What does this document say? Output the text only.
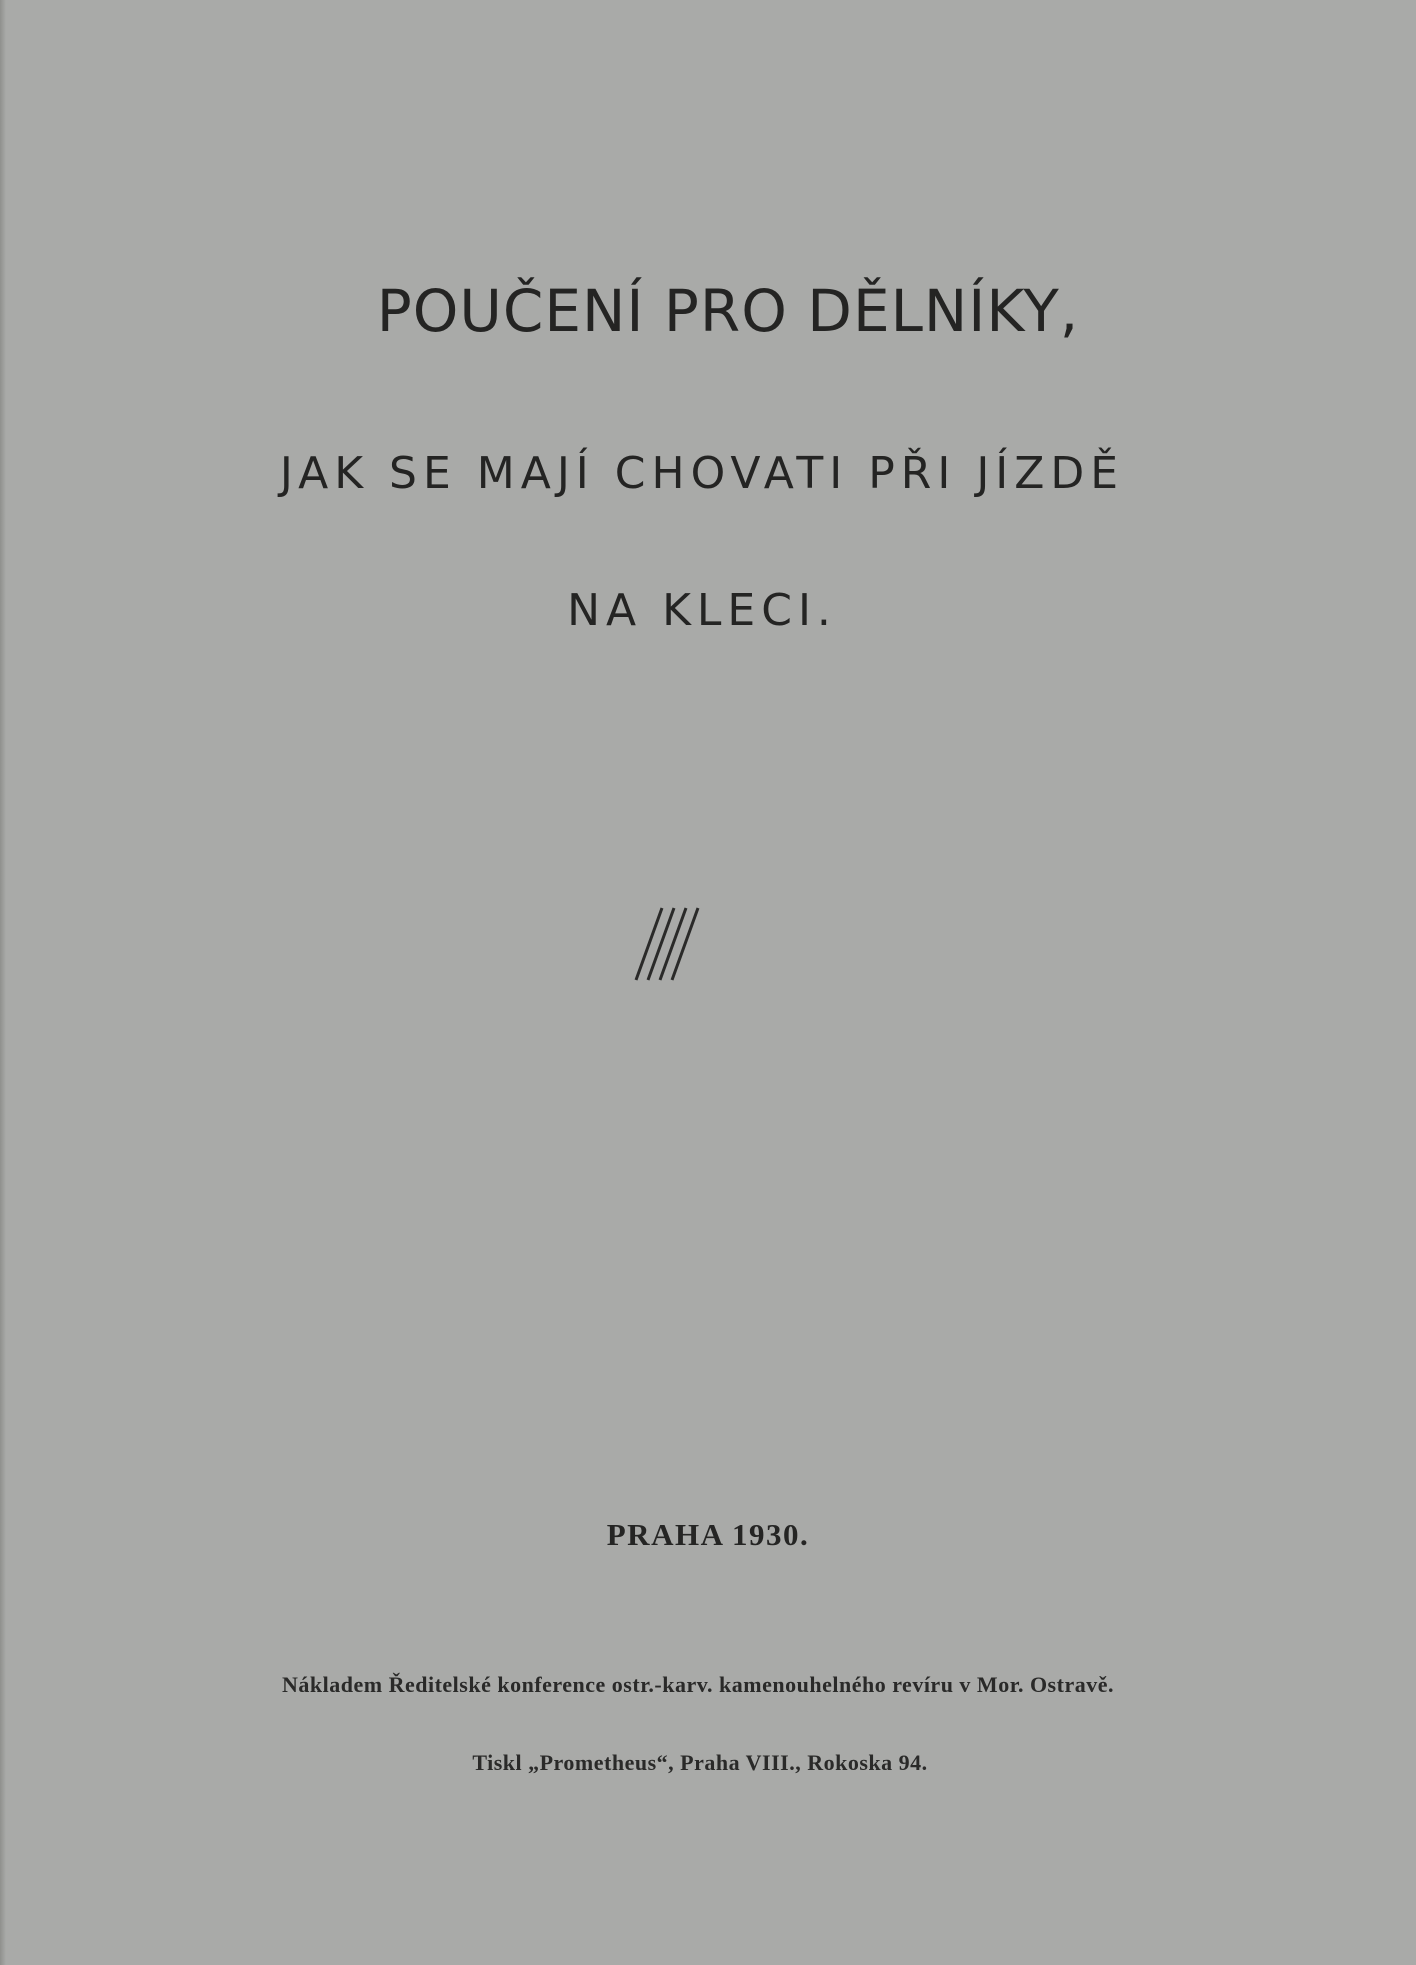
POUČENÍ PRO DĚLNÍKY,
JAK SE MAJÍ CHOVATI PŘI JÍZDĚ
NA KLECI.
PRAHA 1930.
Nákladem Ředitelské konference ostr.-karv. kamenouhelného revíru v Mor. Ostravě.
Tiskl „Prometheus“, Praha VIII., Rokoska 94.
